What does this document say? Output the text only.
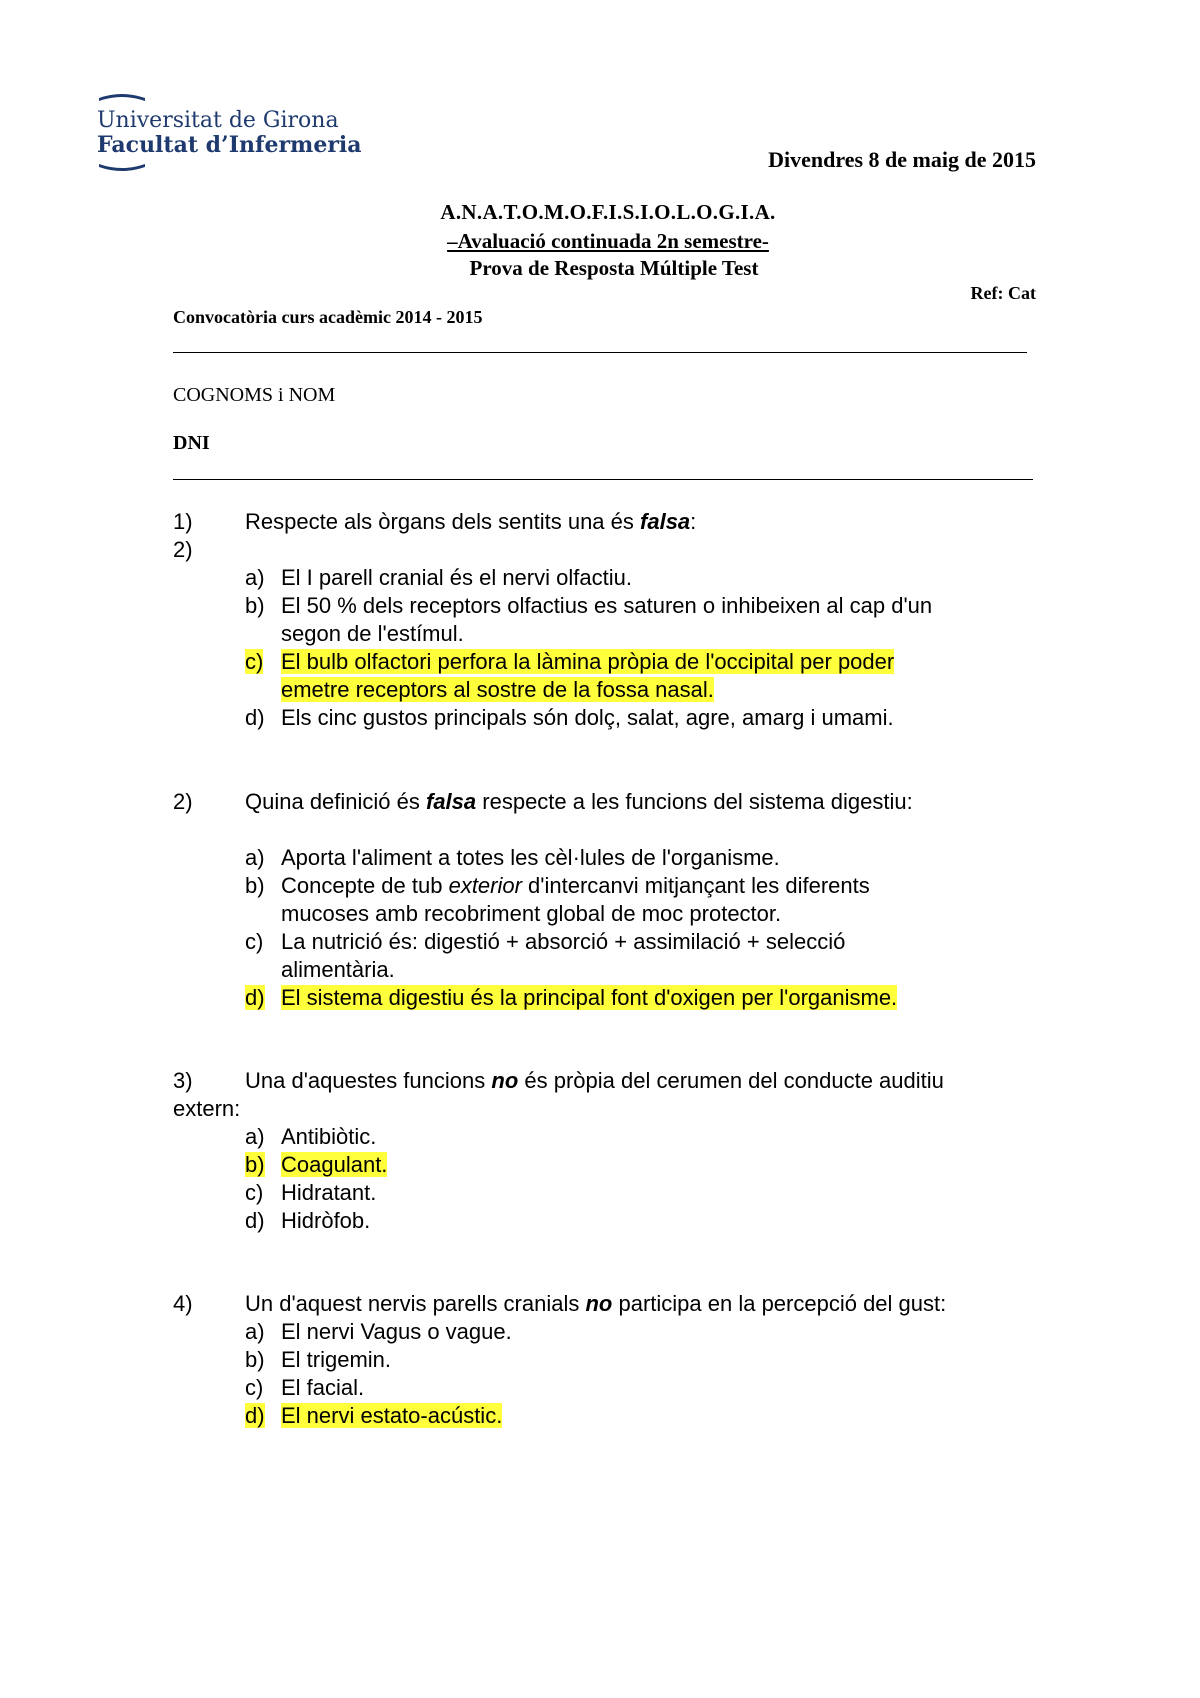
Universitat de Girona
Facultat d’Infermeria
Divendres 8 de maig de 2015
A.N.A.T.O.M.O.F.I.S.I.O.L.O.G.I.A.
–Avaluació continuada 2n semestre-
Prova de Resposta Múltiple Test
Ref: Cat
Convocatòria curs acadèmic 2014 - 2015
COGNOMS i NOM
DNI
1)
2)
Respecte als òrgans dels sentits una és falsa:
a) El I parell cranial és el nervi olfactiu.
b) El 50 % dels receptors olfactius es saturen o inhibeixen al cap d'un
segon de l'estímul.
c) El bulb olfactori perfora la làmina pròpia de l'occipital per poder
emetre receptors al sostre de la fossa nasal.
d) Els cinc gustos principals són dolç, salat, agre, amarg i umami.
2) Quina definició és falsa respecte a les funcions del sistema digestiu:
a) Aporta l'aliment a totes les cèl·lules de l'organisme.
b) Concepte de tub exterior d'intercanvi mitjançant les diferents
mucoses amb recobriment global de moc protector.
c) La nutrició és: digestió + absorció + assimilació + selecció
alimentària.
d) El sistema digestiu és la principal font d'oxigen per l'organisme.
3) Una d'aquestes funcions no és pròpia del cerumen del conducte auditiu
extern:
a) Antibiòtic.
b) Coagulant.
c) Hidratant.
d) Hidròfob.
4) Un d'aquest nervis parells cranials no participa en la percepció del gust:
a) El nervi Vagus o vague.
b) El trigemin.
c) El facial.
d) El nervi estato-acústic.
